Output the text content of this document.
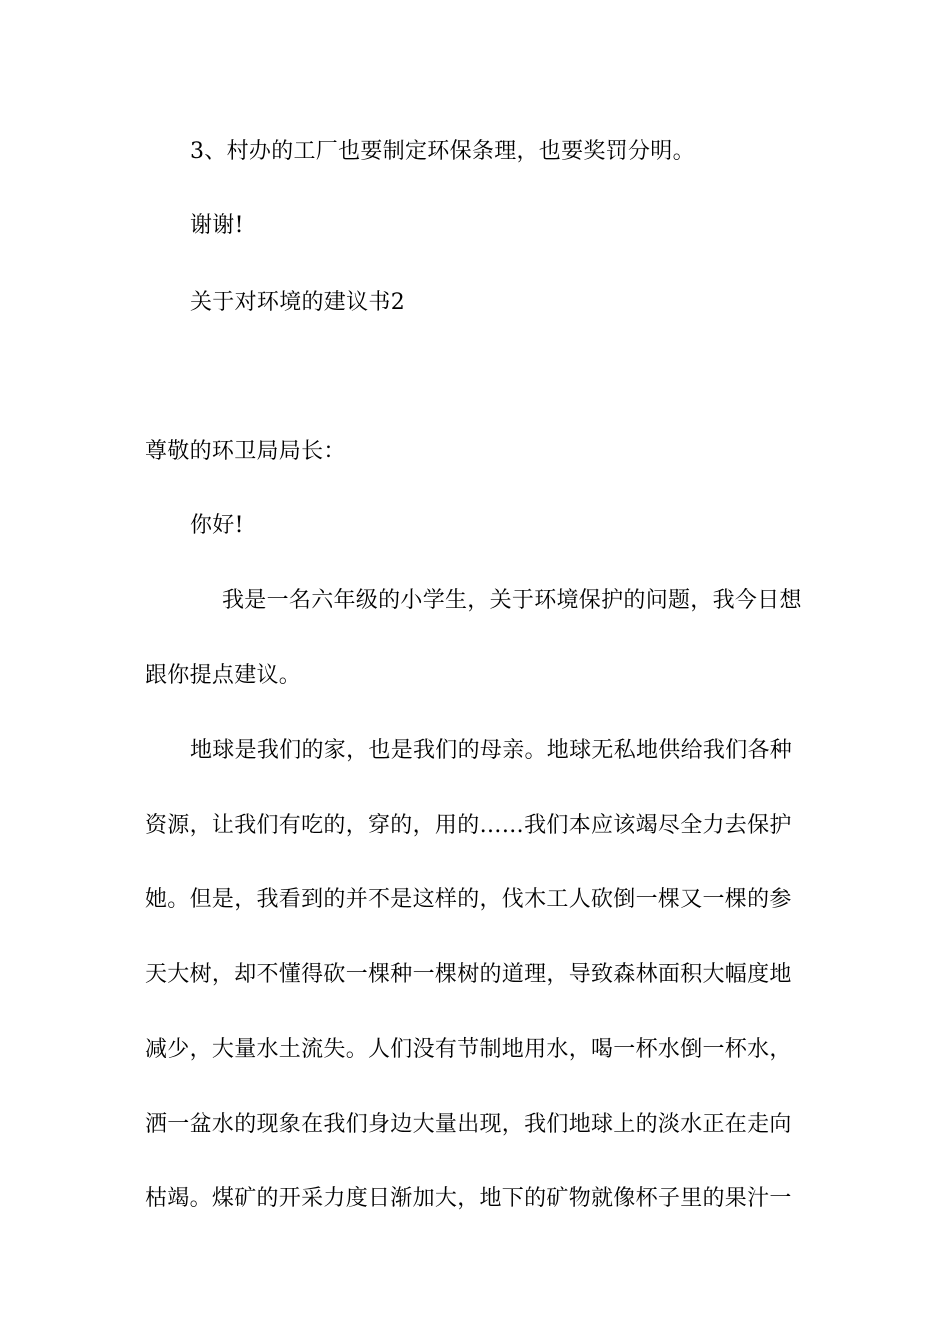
3、村办的工厂也要制定环保条理，也要奖罚分明。
谢谢!
关于对环境的建议书2
尊敬的环卫局局长：
你好!
我是一名六年级的小学生，关于环境保护的问题，我今日想
跟你提点建议。
地球是我们的家，也是我们的母亲。地球无私地供给我们各种
资源，让我们有吃的，穿的，用的……我们本应该竭尽全力去保护
她。但是，我看到的并不是这样的，伐木工人砍倒一棵又一棵的参
天大树，却不懂得砍一棵种一棵树的道理，导致森林面积大幅度地
减少，大量水土流失。人们没有节制地用水，喝一杯水倒一杯水，
洒一盆水的现象在我们身边大量出现，我们地球上的淡水正在走向
枯竭。煤矿的开采力度日渐加大，地下的矿物就像杯子里的果汁一
